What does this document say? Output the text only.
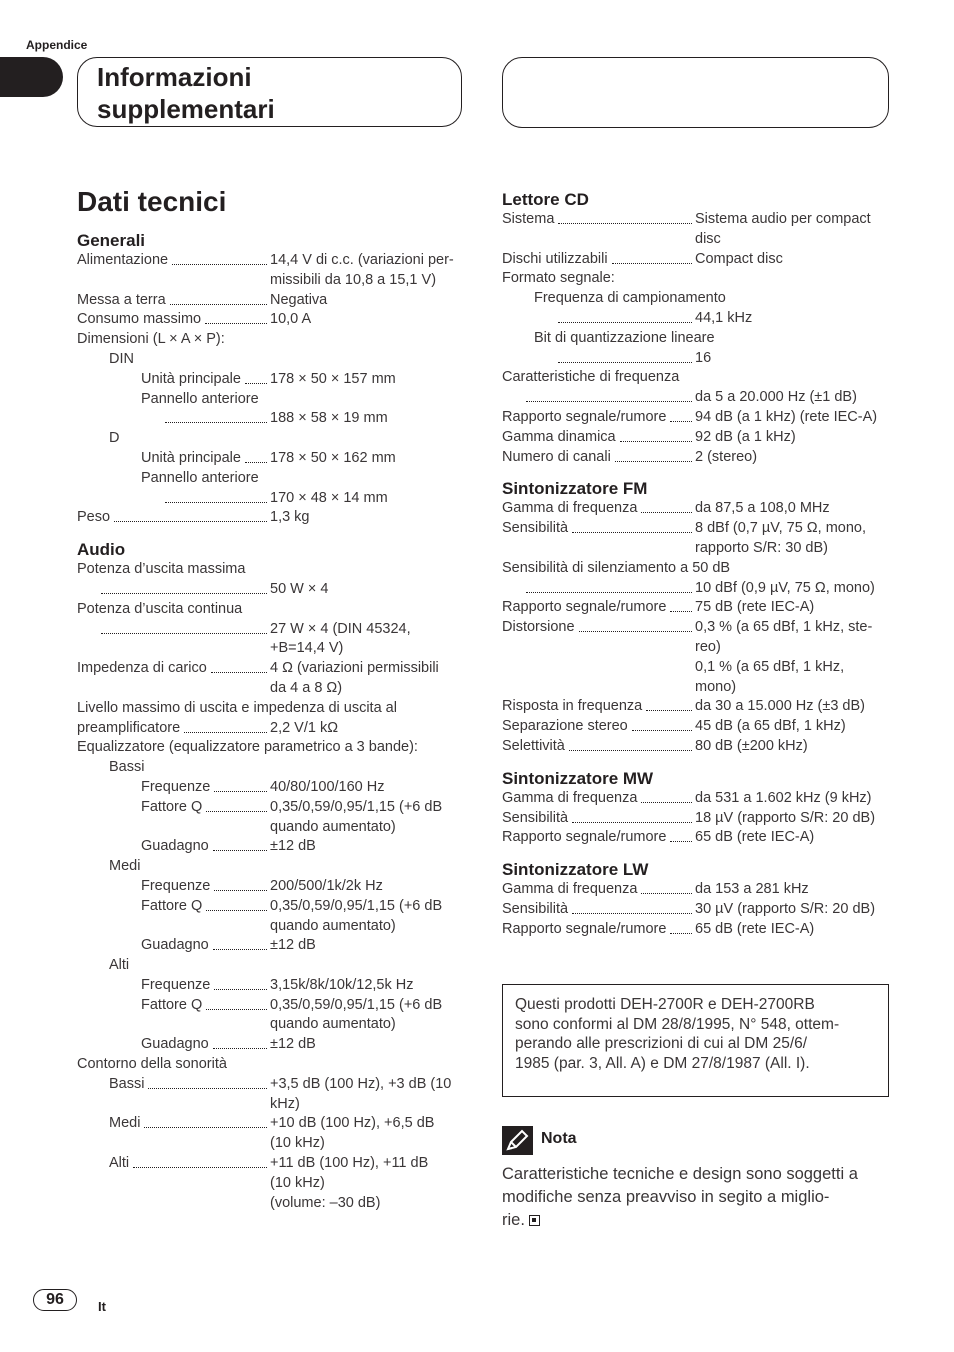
Appendice
Informazioni
supplementari
Dati tecnici
Generali
Alimentazione	14,4 V di c.c. (variazioni per-
missibili da 10,8 a 15,1 V)
Messa a terra	Negativa
Consumo massimo	10,0 A
Dimensioni (L × A × P):
DIN
Unità principale 178 × 50 × 157 mm
Pannello anteriore
188 × 58 × 19 mm
D
Unità principale 178 × 50 × 162 mm
Pannello anteriore
170 × 48 × 14 mm
Peso	1,3 kg
Audio
Potenza d’uscita massima
50 W × 4
Potenza d’uscita continua
27 W × 4 (DIN 45324,
+B=14,4 V)
Impedenza di carico	4 Ω (variazioni permissibili
da 4 a 8 Ω)
Livello massimo di uscita e impedenza di uscita al
preamplificatore	2,2 V/1 kΩ
Equalizzatore (equalizzatore parametrico a 3 bande):
Bassi
Frequenze	40/80/100/160 Hz
Fattore Q	0,35/0,59/0,95/1,15 (+6 dB
quando aumentato)
Guadagno	±12 dB
Medi
Frequenze	200/500/1k/2k Hz
Fattore Q	0,35/0,59/0,95/1,15 (+6 dB
quando aumentato)
Guadagno	±12 dB
Alti
Frequenze	3,15k/8k/10k/12,5k Hz
Fattore Q	0,35/0,59/0,95/1,15 (+6 dB
quando aumentato)
Guadagno	±12 dB
Contorno della sonorità
Bassi	+3,5 dB (100 Hz), +3 dB (10
kHz)
Medi	+10 dB (100 Hz), +6,5 dB
(10 kHz)
Alti	+11 dB (100 Hz), +11 dB
(10 kHz)
(volume: –30 dB)
Lettore CD
Sistema	Sistema audio per compact
disc
Dischi utilizzabili	Compact disc
Formato segnale:
Frequenza di campionamento
44,1 kHz
Bit di quantizzazione lineare
16
Caratteristiche di frequenza
da 5 a 20.000 Hz (±1 dB)
Rapporto segnale/rumore 94 dB (a 1 kHz) (rete IEC-A)
Gamma dinamica	92 dB (a 1 kHz)
Numero di canali	2 (stereo)
Sintonizzatore FM
Gamma di frequenza	da 87,5 a 108,0 MHz
Sensibilità	8 dBf (0,7 µV, 75 Ω, mono,
rapporto S/R: 30 dB)
Sensibilità di silenziamento a 50 dB
10 dBf (0,9 µV, 75 Ω, mono)
Rapporto segnale/rumore 75 dB (rete IEC-A)
Distorsione	0,3 % (a 65 dBf, 1 kHz, ste-
reo)
0,1 % (a 65 dBf, 1 kHz,
mono)
Risposta in frequenza	da 30 a 15.000 Hz (±3 dB)
Separazione stereo	45 dB (a 65 dBf, 1 kHz)
Selettività	80 dB (±200 kHz)
Sintonizzatore MW
Gamma di frequenza	da 531 a 1.602 kHz (9 kHz)
Sensibilità	18 µV (rapporto S/R: 20 dB)
Rapporto segnale/rumore 65 dB (rete IEC-A)
Sintonizzatore LW
Gamma di frequenza	da 153 a 281 kHz
Sensibilità	30 µV (rapporto S/R: 20 dB)
Rapporto segnale/rumore 65 dB (rete IEC-A)
Questi prodotti DEH-2700R e DEH-2700RB
sono conformi al DM 28/8/1995, N° 548, ottem-
perando alle prescrizioni di cui al DM 25/6/
1985 (par. 3, All. A) e DM 27/8/1987 (All. I).
Nota
Caratteristiche tecniche e design sono soggetti a
modifiche senza preavviso in segito a miglio-
rie.
96	It
